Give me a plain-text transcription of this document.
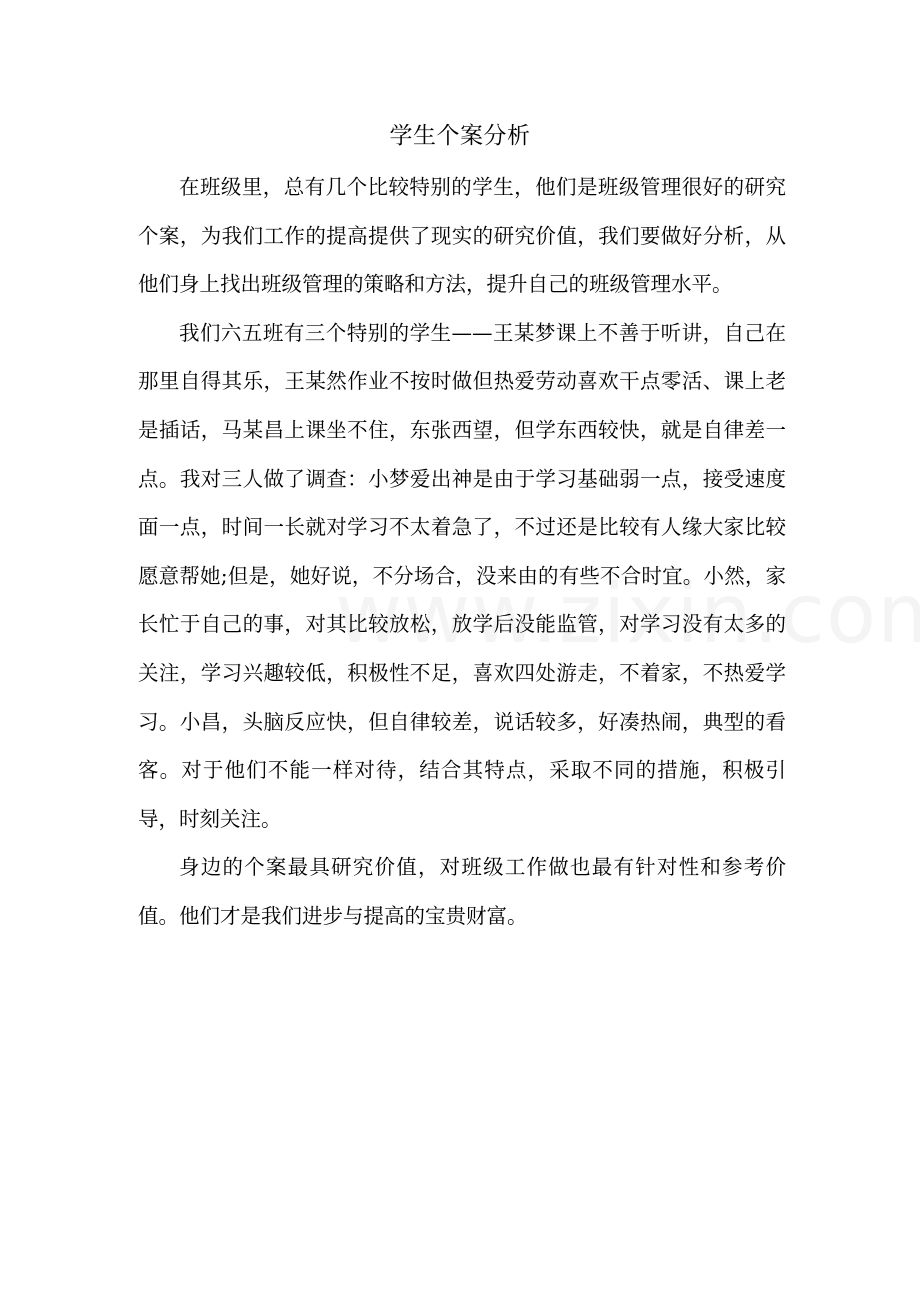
学生个案分析

在班级里，总有几个比较特别的学生，他们是班级管理很好的研究个案，为我们工作的提高提供了现实的研究价值，我们要做好分析，从他们身上找出班级管理的策略和方法，提升自己的班级管理水平。

我们六五班有三个特别的学生——王某梦课上不善于听讲，自己在那里自得其乐，王某然作业不按时做但热爱劳动喜欢干点零活、课上老是插话，马某昌上课坐不住，东张西望，但学东西较快，就是自律差一点。我对三人做了调查：小梦爱出神是由于学习基础弱一点，接受速度面一点，时间一长就对学习不太着急了，不过还是比较有人缘大家比较愿意帮她;但是，她好说，不分场合，没来由的有些不合时宜。小然，家长忙于自己的事，对其比较放松，放学后没能监管，对学习没有太多的关注，学习兴趣较低，积极性不足，喜欢四处游走，不着家，不热爱学习。小昌，头脑反应快，但自律较差，说话较多，好凑热闹，典型的看客。对于他们不能一样对待，结合其特点，采取不同的措施，积极引导，时刻关注。

身边的个案最具研究价值，对班级工作做也最有针对性和参考价值。他们才是我们进步与提高的宝贵财富。
